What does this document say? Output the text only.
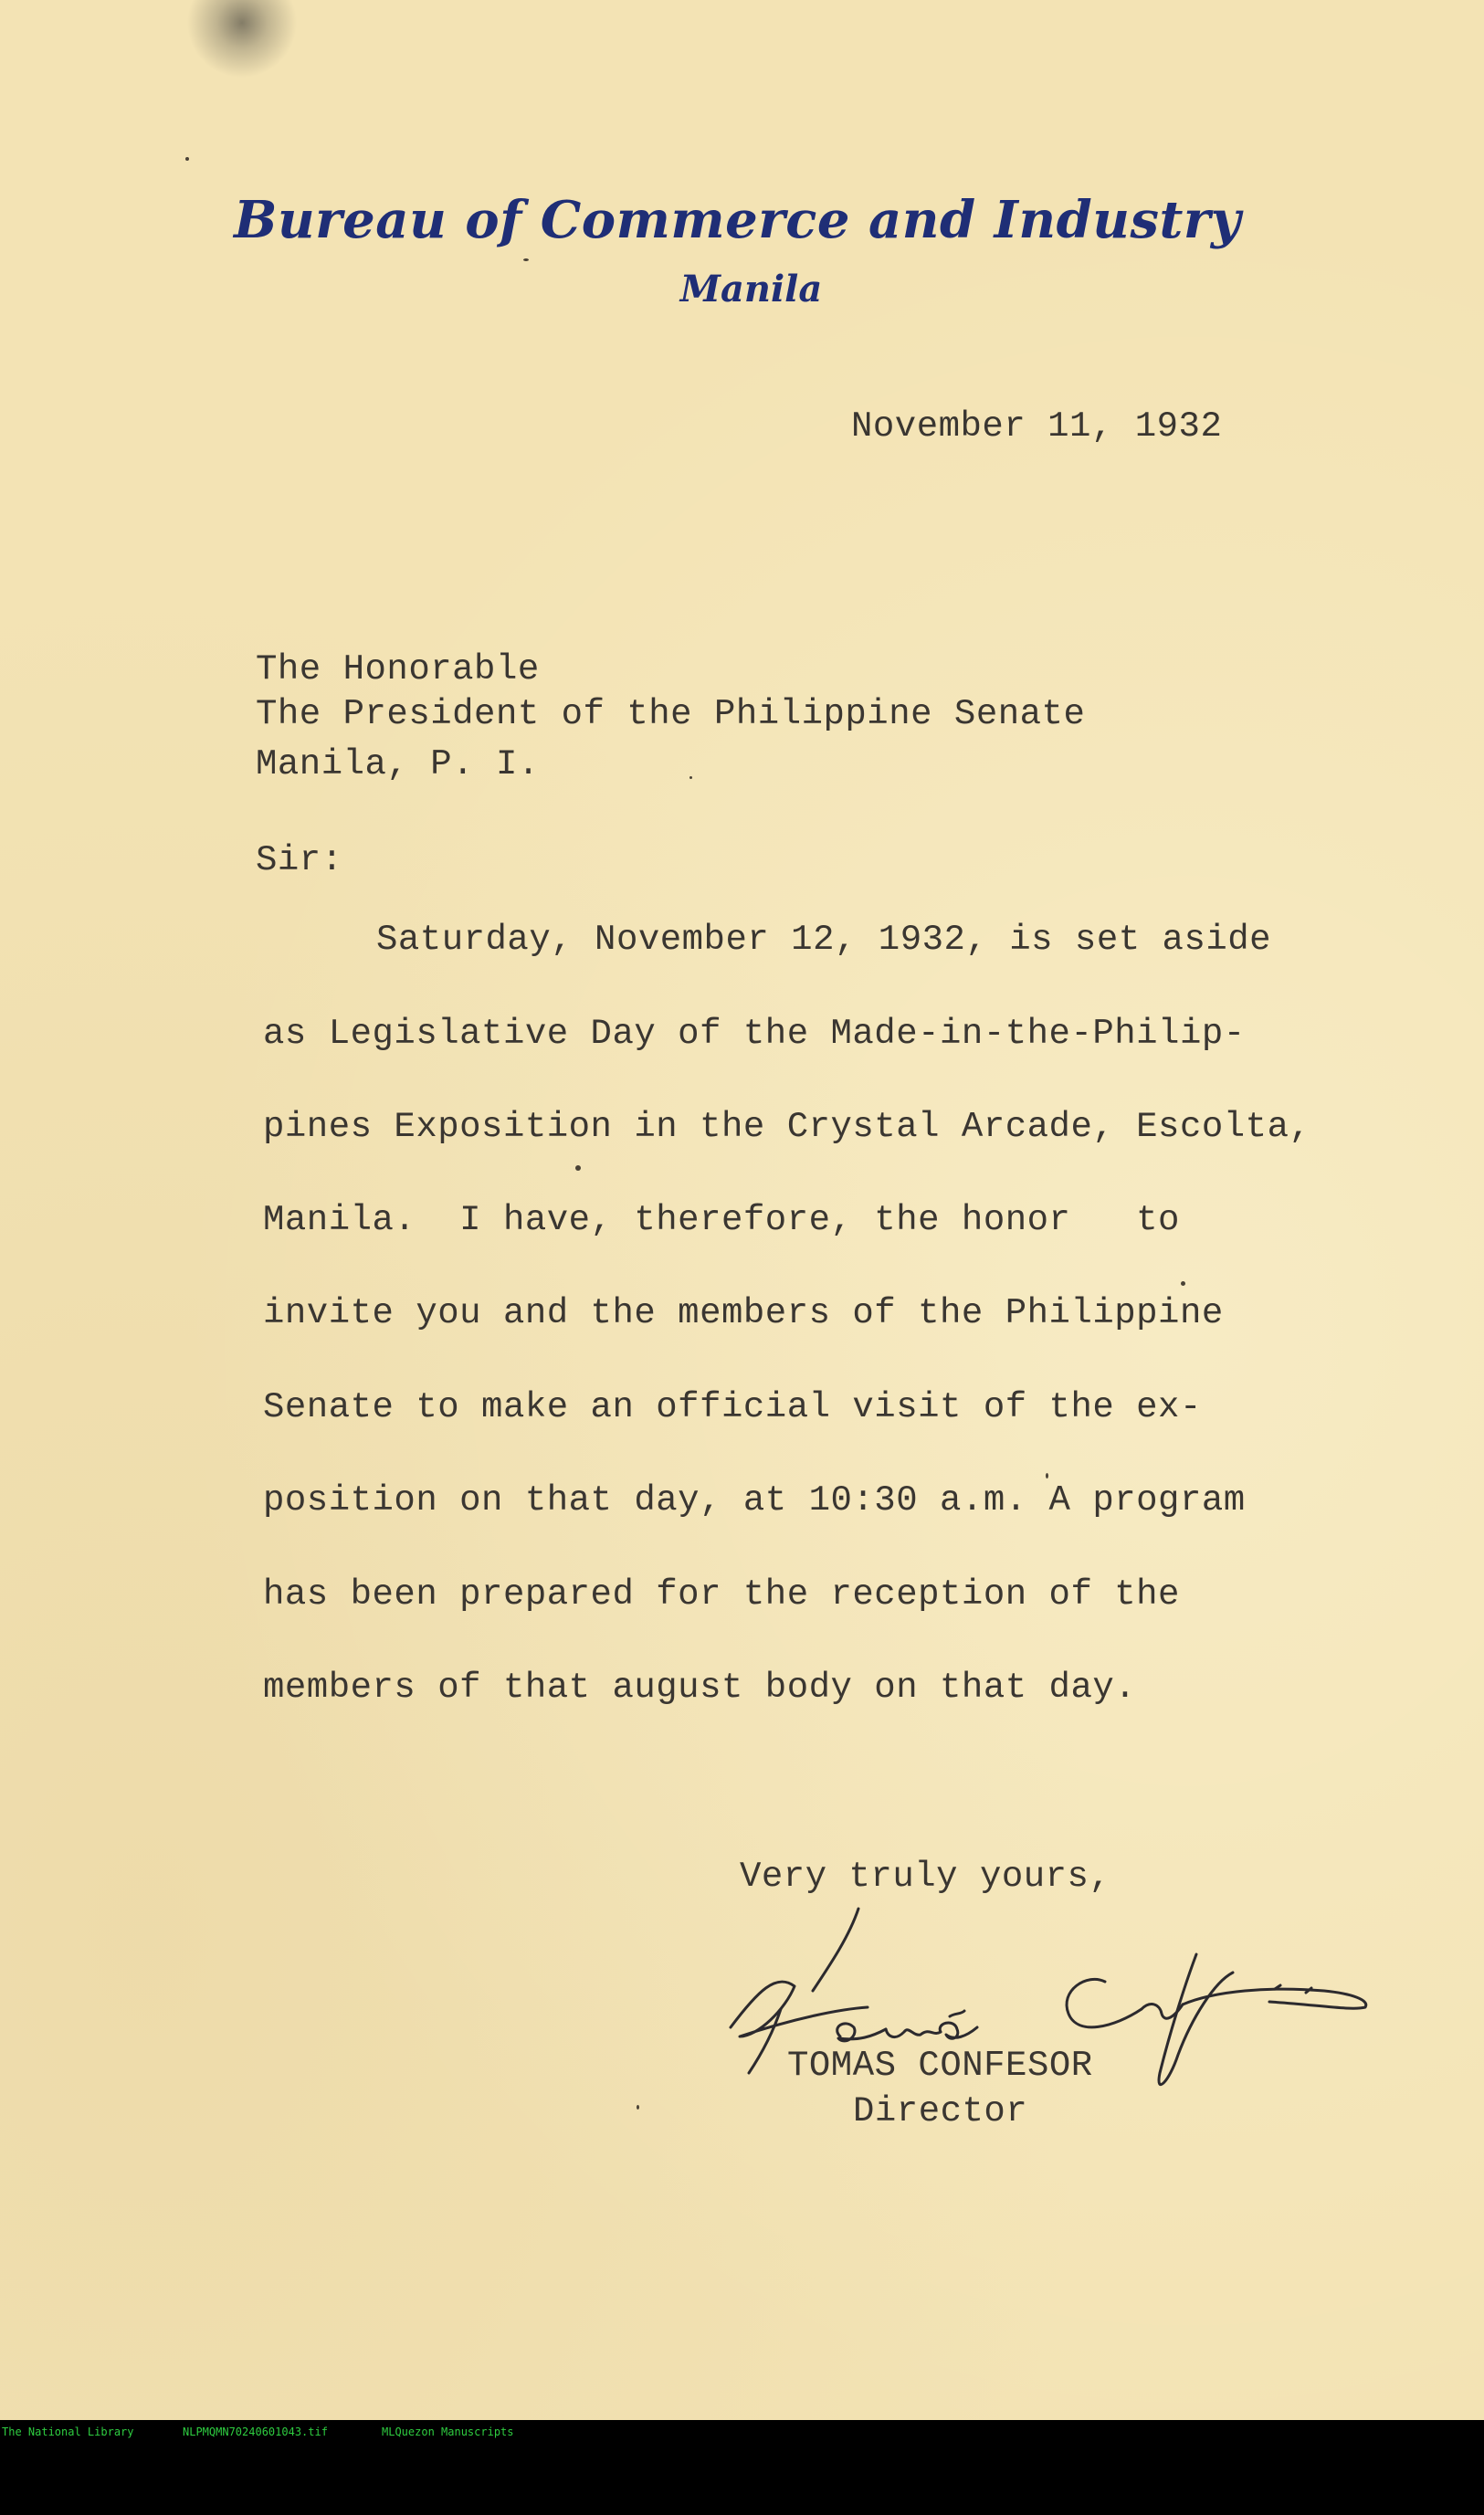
Bureau of Commerce and Industry
Manila
November 11, 1932
The Honorable
The President of the Philippine Senate
Manila, P. I.
Sir:
Saturday, November 12, 1932, is set aside
as Legislative Day of the Made-in-the-Philip-
pines Exposition in the Crystal Arcade, Escolta,
Manila.  I have, therefore, the honor   to
invite you and the members of the Philippine
Senate to make an official visit of the ex-
position on that day, at 10:30 a.m. A program
has been prepared for the reception of the
members of that august body on that day.
Very truly yours,
TOMAS CONFESOR
Director

The National Library

	NLPMQMN70240601043.tif

	MLQuezon Manuscripts
